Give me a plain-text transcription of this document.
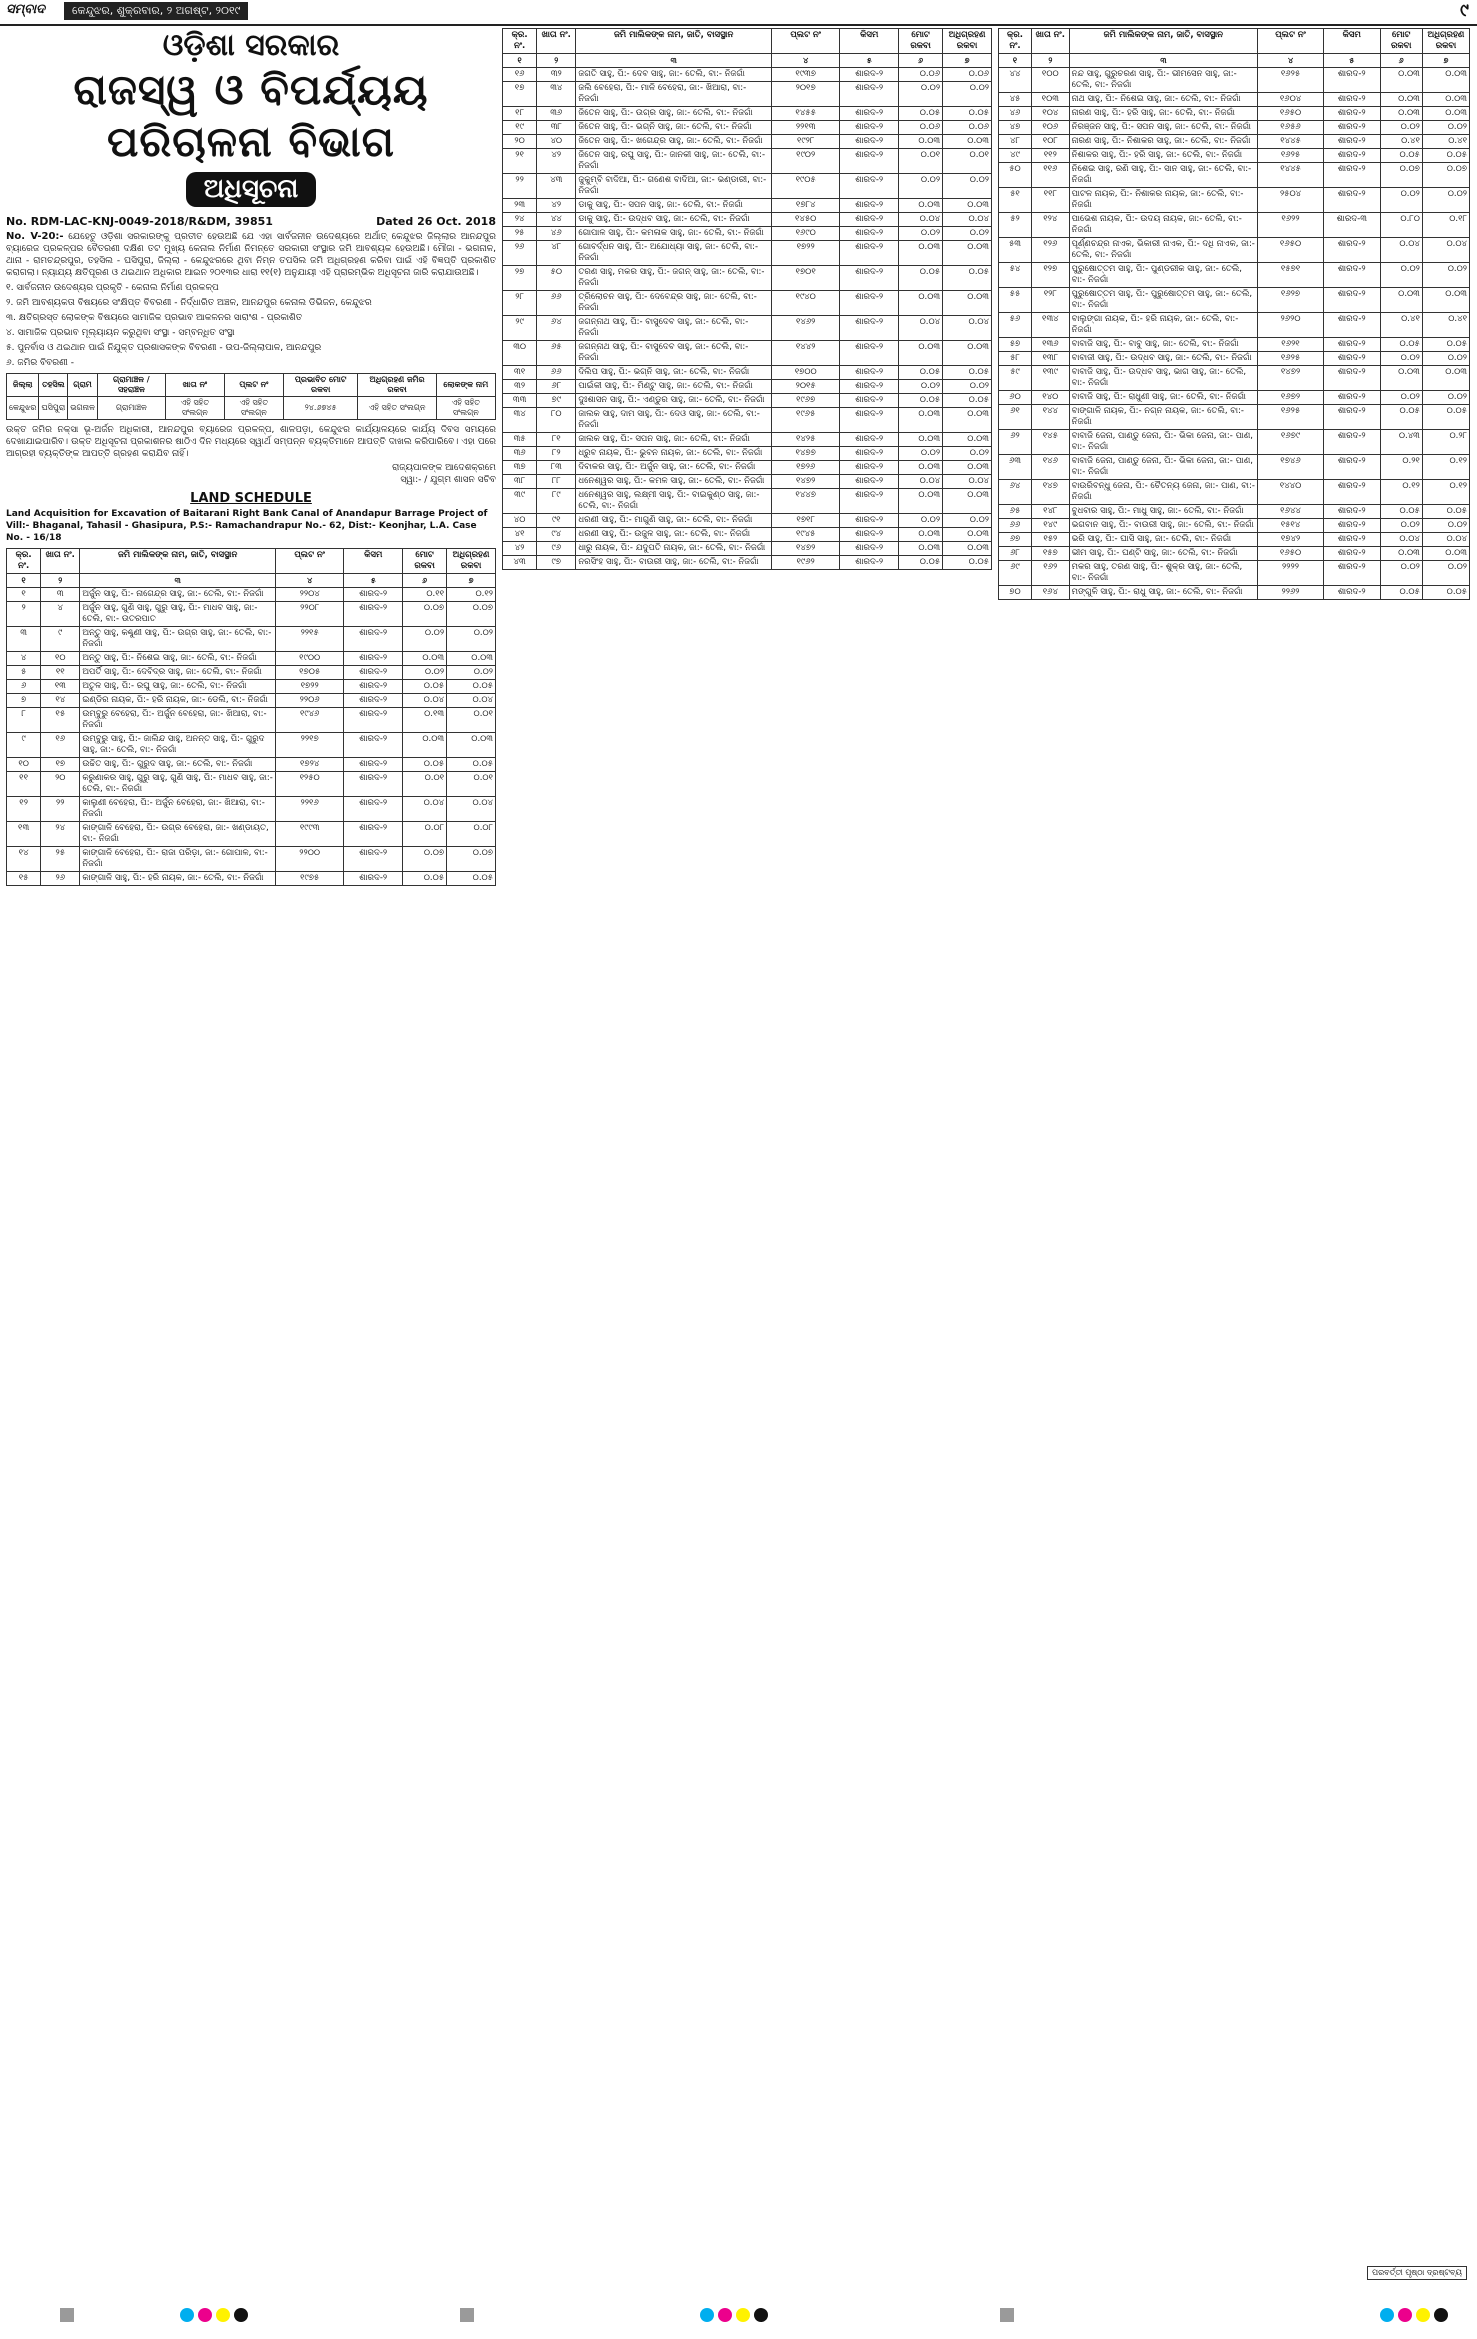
ସମ୍ବାଦ	କେନ୍ଦୁଝର, ଶୁକ୍ରବାର, ୨ ଅଗଷ୍ଟ, ୨୦୧୯	୯
ଓଡ଼ିଶା ସରକାର
ରାଜସ୍ୱ ଓ ବିପର୍ଯ୍ୟୟ ପରିଚାଳନା ବିଭାଗ
ଅଧିସୂଚନା
No. RDM-LAC-KNJ-0049-2018/R&DM, 39851	Dated 26 Oct. 2018

No. V-20:- ଯେହେତୁ ଓଡ଼ିଶା ସରକାରଙ୍କୁ ପ୍ରତୀତ ହେଉଅଛି ଯେ ଏହା ସାର୍ବଜନୀନ ଉଦେଶ୍ୟରେ ଅର୍ଥାତ୍ କେନ୍ଦୁଝର ଜିଲ୍ଲାର ଆନନ୍ଦପୁର ବ୍ୟାରେଜ ପ୍ରକଳ୍ପର ବୈତରଣୀ ଦକ୍ଷିଣ ତଟ ମୁଖ୍ୟ କେନାଲ ନିର୍ମାଣ ନିମନ୍ତେ ସରକାରୀ ସଂସ୍ଥାର ଜମି ଆବଶ୍ୟକ ହେଉଅଛି। ମୌଜା - ଭଗନାଳ, ଥାନା - ରାମଚନ୍ଦ୍ରପୁର, ତହସିଲ - ଘସିପୁରା, ଜିଲ୍ଲା - କେନ୍ଦୁଝରରେ ଥିବା ନିମ୍ନ ତପସିଲ ଜମି ଅଧିଗ୍ରହଣ କରିବା ପାଇଁ ଏହି ବିଜ୍ଞପ୍ତି ପ୍ରକାଶିତ କରାଗଲା। ନ୍ୟାଯ୍ୟ କ୍ଷତିପୂରଣ ଓ ଥଇଥାନ ଅଧିକାର ଆଇନ ୨୦୧୩ର ଧାରା ୧୧(୧) ଅନୁଯାୟୀ ଏହି ପ୍ରାରମ୍ଭିକ ଅଧିସୂଚନା ଜାରି କରାଯାଉଅଛି।

୧. ସାର୍ବଜନୀନ ଉଦେଶ୍ୟର ପ୍ରକୃତି - କେନାଲ ନିର୍ମାଣ ପ୍ରକଳ୍ପ
୨. ଜମି ଆବଶ୍ୟକତା ବିଷୟରେ ସଂକ୍ଷିପ୍ତ ବିବରଣୀ - ନିର୍ଦ୍ଧାରିତ ଅଞ୍ଚଳ, ଆନନ୍ଦପୁର କେନାଲ ଡିଭିଜନ, କେନ୍ଦୁଝର
୩. କ୍ଷତିଗ୍ରସ୍ତ ଲୋକଙ୍କ ବିଷୟରେ ସାମାଜିକ ପ୍ରଭାବ ଆକଳନର ସାରାଂଶ - ପ୍ରକାଶିତ
୪. ସାମାଜିକ ପ୍ରଭାବ ମୂଲ୍ୟାୟନ କରୁଥିବା ସଂସ୍ଥା - ସମ୍ବନ୍ଧିତ ସଂସ୍ଥା
୫. ପୁନର୍ବାସ ଓ ଥଇଥାନ ପାଇଁ ନିଯୁକ୍ତ ପ୍ରଶାସକଙ୍କ ବିବରଣୀ - ଉପ-ଜିଲ୍ଲାପାଳ, ଆନନ୍ଦପୁର
୬. ଜମିର ବିବରଣୀ -
ଜିଲ୍ଲା	ତହସିଲ	ଗ୍ରାମ	ଗ୍ରାମାଞ୍ଚଳ / ସହରାଞ୍ଚଳ	ଖାତା ନଂ	ପ୍ଲଟ ନଂ	ପ୍ରଭାବିତ ମୋଟ ରକବା	ଅଧିଗ୍ରହଣ ଜମିର ରକବା	ଲୋକଙ୍କ ନାମ
କେନ୍ଦୁଝର	ଘସିପୁରା	ଭଗନାଳ	ଗ୍ରାମାଞ୍ଚଳ	ଏହି ସହିତ ସଂଲଗ୍ନ	ଏହି ସହିତ ସଂଲଗ୍ନ	୨୪.୬୭୪୫	ଏହି ସହିତ ସଂଲଗ୍ନ	ଏହି ସହିତ ସଂଲଗ୍ନ

ଉକ୍ତ ଜମିର ନକ୍ସା ଭୂ-ଅର୍ଜନ ଅଧିକାରୀ, ଆନନ୍ଦପୁର ବ୍ୟାରେଜ ପ୍ରକଳ୍ପ, ଶାଳପଡ଼ା, କେନ୍ଦୁଝର କାର୍ଯ୍ୟାଳୟରେ କାର୍ଯ୍ୟ ଦିବସ ସମୟରେ ଦେଖାଯାଇପାରିବ। ଉକ୍ତ ଅଧିସୂଚନା ପ୍ରକାଶନର ଷାଠିଏ ଦିନ ମଧ୍ୟରେ ସ୍ୱାର୍ଥ ସମ୍ପନ୍ନ ବ୍ୟକ୍ତିମାନେ ଆପତ୍ତି ଦାଖଲ କରିପାରିବେ। ଏହା ପରେ ଆଗ୍ରହୀ ବ୍ୟକ୍ତିଙ୍କ ଆପତ୍ତି ଗ୍ରହଣ କରାଯିବ ନାହିଁ।

ରାଜ୍ୟପାଳଙ୍କ ଆଦେଶକ୍ରମେ
ସ୍ୱା:- / ଯୁଗ୍ମ ଶାସନ ସଚିବ
LAND SCHEDULE
Land Acquisition for Excavation of Baitarani Right Bank Canal of Anandapur Barrage Project of Vill:- Bhaganal, Tahasil - Ghasipura, P.S:- Ramachandrapur No.- 62, Dist:- Keonjhar, L.A. Case No. - 16/18
କ୍ର. ନଂ.	ଖାତା ନଂ.	ଜମି ମାଲିକଙ୍କ ନାମ, ଜାତି, ବାସସ୍ଥାନ	ପ୍ଲଟ ନଂ	କିସମ	ମୋଟ ରକବା	ଅଧିଗ୍ରହଣ ରକବା
୧	୨	୩	୪	୫	୬	୭
୧	୩	ଅର୍ଜୁନ ସାହୁ, ପି:- ନାଗେନ୍ଦ୍ର ସାହୁ, ଜା:- ତେଲି, ବା:- ନିଜଗାଁ	୨୨୦୪	ଶାରଦ-୨	୦.୧୧	୦.୧୨
୨	୪	ଅର୍ଜୁନ ସାହୁ, ଗୁଣି ସାହୁ, ଗୁରୁ ସାହୁ, ପି:- ମାଧବ ସାହୁ, ଜା:- ତେଲି, ବା:- ଉତରପାତ	୨୨୦୮	ଶାରଦ-୨	୦.୦୭	୦.୦୭
୩	୯	ଅନ୍ତୁ ସାହୁ, କଣ୍ଢୁଣୀ ସାହୁ, ପି:- ଉଗ୍ର ସାହୁ, ଜା:- ତେଲି, ବା:- ନିଜଗାଁ	୨୨୧୫	ଶାରଦ-୨	୦.୦୨	୦.୦୨
୪	୧୦	ଅନ୍ତୁ ସାହୁ, ପି:- ନିଶେଇ ସାହୁ, ଜା:- ତେଲି, ବା:- ନିଜଗାଁ	୧୯୦୦	ଶାରଦ-୨	୦.୦୩	୦.୦୩
୫	୧୧	ଅପର୍ତି ସାହୁ, ପି:- ଦେବିଦ୍ର ସାହୁ, ଜା:- ତେଲି, ବା:- ନିଜଗାଁ	୧୭୦୫	ଶାରଦ-୨	୦.୦୨	୦.୦୨
୬	୧୩	ଅତୁଳ ସାହୁ, ପି:- ରଘୁ ସାହୁ, ଜା:- ତେଲି, ବା:- ନିଜଗାଁ	୧୭୨୨	ଶାରଦ-୨	୦.୦୫	୦.୦୫
୭	୧୪	ଇଣ୍ଡିର ନାୟକ, ପି:- ହରି ନାୟକ, ଜା:- ଡେଲି, ବା:- ନିଜଗାଁ	୨୨୦୬	ଶାରଦ-୨	୦.୦୪	୦.୦୪
୮	୧୫	ଉମ୍ବୁରୁ ବେହେରା, ପି:- ଅର୍ଜୁନ ବେହେରା, ଜା:- ଖିଆରା, ବା:- ନିଜଗାଁ	୧୯୪୬	ଶାରଦ-୨	୦.୧୩	୦.୦୧
୯	୧୬	ଉମ୍ବୁରୁ ସାହୁ, ପି:- ଜାଲିନ୍ଦ ସାହୁ, ଅନନ୍ତ ସାହୁ, ପି:- ଗୁରୁଦ ସାହୁ, ଜା:- ତେଲି, ବା:- ନିଜଗାଁ	୨୨୧୭	ଶାରଦ-୨	୦.୦୩	୦.୦୩
୧୦	୧୭	ଉଚ୍ଚିତ ସାହୁ, ପି:- ଗୁରୁଦ ସାହୁ, ଜା:- ତେଲି, ବା:- ନିଜଗାଁ	୧୭୨୪	ଶାରଦ-୨	୦.୦୫	୦.୦୫
୧୧	୨୦	କରୁଣାକର ସାହୁ, ଗୁରୁ ସାହୁ, ଗୁଣି ସାହୁ, ପି:- ମାଧବ ସାହୁ, ଜା:- ତେଲି, ବା:- ନିଜଗାଁ	୧୨୫୦	ଶାରଦ-୨	୦.୦୧	୦.୦୧
୧୨	୨୨	କାଲୁଣୀ ବେହେରା, ପି:- ଅର୍ଜୁନ ବେହେରା, ଜା:- ଖିଆରା, ବା:- ନିଜଗାଁ	୨୨୧୬	ଶାରଦ-୨	୦.୦୪	୦.୦୪
୧୩	୨୪	କାଙ୍ଗାଳି ବେହେରା, ପି:- ଉଗ୍ର ବେହେରା, ଜା:- ଖଣ୍ଡାୟତ, ବା:- ନିଜଗାଁ	୧୯୯୩	ଶାରଦ-୨	୦.୦୮	୦.୦୮
୧୪	୨୫	କାଙ୍ଗାଳି ବେହେରା, ପି:- ରାଜା ପରିଡ଼ା, ଜା:- ଗୋପାଳ, ବା:- ନିଜଗାଁ	୨୨୦୦	ଶାରଦ-୨	୦.୦୭	୦.୦୭
୧୫	୨୬	କାଙ୍ଗାଳି ସାହୁ, ପି:- ହରି ନାୟକ, ଜା:- ତେଲି, ବା:- ନିଜଗାଁ	୧୯୭୫	ଶାରଦ-୨	୦.୦୫	୦.୦୫
କ୍ର. ନଂ.	ଖାତା ନଂ.	ଜମି ମାଲିକଙ୍କ ନାମ, ଜାତି, ବାସସ୍ଥାନ	ପ୍ଲଟ ନଂ	କିସମ	ମୋଟ ରକବା	ଅଧିଗ୍ରହଣ ରକବା
୧	୨	୩	୪	୫	୬	୭
୧୬	୩୨	ଜଗତି ସାହୁ, ପି:- ଦେବ ସାହୁ, ଜା:- ତେଲି, ବା:- ନିଜଗାଁ	୧୯୩୭	ଶାରଦ-୨	୦.୦୬	୦.୦୬
୧୭	୩୪	ଜଲି ବେହେରା, ପି:- ମାଳି ବେହେରା, ଜା:- ଖିଆରା, ବା:- ନିଜଗାଁ	୨୦୧୭	ଶାରଦ-୨	୦.୦୨	୦.୦୨
୧୮	୩୬	ଜିତେନ ସାହୁ, ପି:- ଉଗ୍ର ସାହୁ, ଜା:- ତେଲି, ବା:- ନିଜଗାଁ	୧୪୫୫	ଶାରଦ-୨	୦.୦୫	୦.୦୫
୧୯	୩୮	ଜିତେନ ସାହୁ, ପି:- ଭଗ୍ନି ସାହୁ, ଜା:- ତେଲି, ବା:- ନିଜଗାଁ	୨୨୧୩	ଶାରଦ-୨	୦.୦୬	୦.୦୬
୨୦	୪୦	ଜିତେନ ସାହୁ, ପି:- ଖଗେନ୍ଦ୍ର ସାହୁ, ଜା:- ତେଲି, ବା:- ନିଜଗାଁ	୧୯୨୮	ଶାରଦ-୨	୦.୦୩	୦.୦୩
୨୧	୪୨	ଜିତେନ ସାହୁ, ରଘୁ ସାହୁ, ପି:- ଜାନକୀ ସାହୁ, ଜା:- ତେଲି, ବା:- ନିଜଗାଁ	୧୯୦୨	ଶାରଦ-୨	୦.୦୧	୦.୦୧
୨୨	୪୩	ଜୁକୁମ୍ବି ବାଦିଆ, ପି:- ଗଣେଶ ବାଦିଆ, ଜା:- ଭଣ୍ଡାରୀ, ବା:- ନିଜଗାଁ	୧୯୦୫	ଶାରଦ-୨	୦.୦୨	୦.୦୨
୨୩	୪୨	ଡାକୁ ସାହୁ, ପି:- ସପନ ସାହୁ, ଜା:- ତେଲି, ବା:- ନିଜଗାଁ	୧୭୮୪	ଶାରଦ-୨	୦.୦୩	୦.୦୩
୨୪	୪୪	ଡାକୁ ସାହୁ, ପି:- ଉଦ୍ଧବ ସାହୁ, ଜା:- ତେଲି, ବା:- ନିଜଗାଁ	୧୪୫୦	ଶାରଦ-୨	୦.୦୪	୦.୦୪
୨୫	୪୬	ଗୋପାଳ ସାହୁ, ପି:- କମଳାକ ସାହୁ, ଜା:- ତେଲି, ବା:- ନିଜଗାଁ	୧୬୯୦	ଶାରଦ-୨	୦.୦୨	୦.୦୨
୨୬	୪୮	ଗୋବର୍ଦ୍ଧନ ସାହୁ, ପି:- ଅଯୋଧ୍ୟା ସାହୁ, ଜା:- ତେଲି, ବା:- ନିଜଗାଁ	୧୭୨୨	ଶାରଦ-୨	୦.୦୩	୦.୦୩
୨୭	୫୦	ତରଣ ସାହୁ, ମକର ସାହୁ, ପି:- ଜଗନ୍ ସାହୁ, ଜା:- ତେଲି, ବା:- ନିଜଗାଁ	୧୭୦୧	ଶାରଦ-୨	୦.୦୫	୦.୦୫
୨୮	୬୬	ତ୍ରିଲୋଚନ ସାହୁ, ପି:- ଦେବେନ୍ଦ୍ର ସାହୁ, ଜା:- ତେଲି, ବା:- ନିଜଗାଁ	୧୯୪୦	ଶାରଦ-୨	୦.୦୩	୦.୦୩
୨୯	୬୪	ଜଗନ୍ନାଥ ସାହୁ, ପି:- ବାସୁଦେବ ସାହୁ, ଜା:- ତେଲି, ବା:- ନିଜଗାଁ	୧୪୬୨	ଶାରଦ-୨	୦.୦୪	୦.୦୪
୩୦	୬୫	ଜଗନ୍ନାଥ ସାହୁ, ପି:- ବାସୁଦେବ ସାହୁ, ଜା:- ତେଲି, ବା:- ନିଜଗାଁ	୧୪୪୨	ଶାରଦ-୨	୦.୦୩	୦.୦୩
୩୧	୬୬	ଦିଲିପ ସାହୁ, ପି:- ଭଗ୍ନି ସାହୁ, ଜା:- ତେଲି, ବା:- ନିଜଗାଁ	୧୭୦୦	ଶାରଦ-୨	୦.୦୫	୦.୦୫
୩୨	୬୮	ପାଇଁକୀ ସାହୁ, ପି:- ମିଣ୍ଟୁ ସାହୁ, ଜା:- ତେଲି, ବା:- ନିଜଗାଁ	୨୦୧୫	ଶାରଦ-୨	୦.୦୨	୦.୦୨
୩୩	୭୯	ଦୁଃଶାସନ ସାହୁ, ପି:- ଏଣ୍ଡୁର ସାହୁ, ଜା:- ତେଲି, ବା:- ନିଜଗାଁ	୧୯୬୭	ଶାରଦ-୨	୦.୦୫	୦.୦୫
୩୪	୮୦	ଜାଲକ ସାହୁ, ଦାମ ସାହୁ, ପି:- ଦେଓ ସାହୁ, ଜା:- ତେଲି, ବା:- ନିଜଗାଁ	୧୯୬୫	ଶାରଦ-୨	୦.୦୩	୦.୦୩
୩୫	୮୧	ଜାଲକ ସାହୁ, ପି:- ସପନ ସାହୁ, ଜା:- ତେଲି, ବା:- ନିଜଗାଁ	୧୪୨୫	ଶାରଦ-୨	୦.୦୩	୦.୦୩
୩୬	୮୨	ଧ୍ରୁବ ନାୟକ, ପି:- ଭୁବନ ନାୟକ, ଜା:- ତେଲି, ବା:- ନିଜଗାଁ	୧୪୭୭	ଶାରଦ-୨	୦.୦୨	୦.୦୨
୩୭	୮୩	ଦିବାକର ସାହୁ, ପି:- ଅର୍ଜୁନ ସାହୁ, ଜା:- ତେଲି, ବା:- ନିଜଗାଁ	୧୭୨୬	ଶାରଦ-୨	୦.୦୩	୦.୦୩
୩୮	୮୮	ଧନେଶ୍ୱର ସାହୁ, ପି:- କମଳ ସାହୁ, ଜା:- ତେଲି, ବା:- ନିଜଗାଁ	୧୪୭୨	ଶାରଦ-୨	୦.୦୪	୦.୦୪
୩୯	୮୯	ଧନେଶ୍ୱର ସାହୁ, ଲକ୍ଷ୍ମୀ ସାହୁ, ପି:- ବାଇକୁଣ୍ଠ ସାହୁ, ଜା:- ତେଲି, ବା:- ନିଜଗାଁ	୧୪୪୭	ଶାରଦ-୨	୦.୦୩	୦.୦୩
୪୦	୯୧	ଧରଣୀ ସାହୁ, ପି:- ମାଗୁଣି ସାହୁ, ଜା:- ତେଲି, ବା:- ନିଜଗାଁ	୧୭୧୮	ଶାରଦ-୨	୦.୦୨	୦.୦୨
୪୧	୯୪	ଧରଣୀ ସାହୁ, ପି:- ଉଜୁଳ ସାହୁ, ଜା:- ତେଲି, ବା:- ନିଜଗାଁ	୧୯୪୫	ଶାରଦ-୨	୦.୦୩	୦.୦୩
୪୨	୯୬	ଧାରୁ ନାୟକ, ପି:- ଯଦୁପତି ନାୟକ, ଜା:- ତେଲି, ବା:- ନିଜଗାଁ	୧୪୭୨	ଶାରଦ-୨	୦.୦୩	୦.୦୩
୪୩	୯୭	ନରସିଂହ ସାହୁ, ପି:- ବାଉରୀ ସାହୁ, ଜା:- ତେଲି, ବା:- ନିଜଗାଁ	୧୯୬୨	ଶାରଦ-୨	୦.୦୫	୦.୦୫
କ୍ର. ନଂ.	ଖାତା ନଂ.	ଜମି ମାଲିକଙ୍କ ନାମ, ଜାତି, ବାସସ୍ଥାନ	ପ୍ଲଟ ନଂ	କିସମ	ମୋଟ ରକବା	ଅଧିଗ୍ରହଣ ରକବା
୧	୨	୩	୪	୫	୬	୭
୪୪	୧୦୦	ନନ୍ଦ ସାହୁ, ଗୁରୁଚରଣ ସାହୁ, ପି:- ଭୀମସେନ ସାହୁ, ଜା:- ତେଲି, ବା:- ନିଜଗାଁ	୧୬୨୫	ଶାରଦ-୨	୦.୦୩	୦.୦୩
୪୫	୧୦୩	ନାଥ ସାହୁ, ପି:- ନିଶେଇ ସାହୁ, ଜା:- ତେଲି, ବା:- ନିଜଗାଁ	୧୬୦୪	ଶାରଦ-୨	୦.୦୩	୦.୦୩
୪୬	୧୦୪	ନାରଣ ସାହୁ, ପି:- ହରି ସାହୁ, ଜା:- ତେଲି, ବା:- ନିଜଗାଁ	୧୬୫୦	ଶାରଦ-୨	୦.୦୩	୦.୦୩
୪୭	୧୦୬	ନିରଞ୍ଜନ ସାହୁ, ପି:- ସପନ ସାହୁ, ଜା:- ତେଲି, ବା:- ନିଜଗାଁ	୧୬୫୬	ଶାରଦ-୨	୦.୦୨	୦.୦୨
୪୮	୧୦୮	ନାରଣ ସାହୁ, ପି:- ନିଶାକର ସାହୁ, ଜା:- ତେଲି, ବା:- ନିଜଗାଁ	୧୪୪୫	ଶାରଦ-୨	୦.୪୧	୦.୪୧
୪୯	୧୧୨	ନିଶାକର ସାହୁ, ପି:- ହରି ସାହୁ, ଜା:- ତେଲି, ବା:- ନିଜଗାଁ	୧୬୨୫	ଶାରଦ-୨	୦.୦୫	୦.୦୫
୫୦	୧୧୬	ନିଶେଇ ସାହୁ, ରଣି ସାହୁ, ପି:- ସାନ ସାହୁ, ଜା:- ତେଲି, ବା:- ନିଜଗାଁ	୧୪୪୫	ଶାରଦ-୨	୦.୦୭	୦.୦୭
୫୧	୧୧୮	ପାଟଳ ନାୟକ, ପି:- ନିଶାକର ନାୟକ, ଜା:- ତେଲି, ବା:- ନିଜଗାଁ	୨୫୦୪	ଶାରଦ-୨	୦.୦୨	୦.୦୨
୫୨	୧୨୪	ପାଭେଶ ନାୟକ, ପି:- ଉଦୟ ନାୟକ, ଜା:- ତେଲି, ବା:- ନିଜଗାଁ	୧୬୨୨	ଶାରଦ-୩	୦.୮୦	୦.୧୮
୫୩	୧୨୬	ପୂର୍ଣ୍ଣଚନ୍ଦ୍ର ନାଏକ, ଭିକାରୀ ନାଏକ, ପି:- ଦଧି ନାଏକ, ଜା:- ତେଲି, ବା:- ନିଜଗାଁ	୧୬୫୦	ଶାରଦ-୨	୦.୦୪	୦.୦୪
୫୪	୧୨୭	ପୁରୁଷୋତ୍ତମ ସାହୁ, ପି:- ପୁଣ୍ଡରୀକ ସାହୁ, ଜା:- ତେଲି, ବା:- ନିଜଗାଁ	୧୫୭୧	ଶାରଦ-୨	୦.୦୨	୦.୦୨
୫୫	୧୨୮	ପୁରୁଷୋତ୍ତମ ସାହୁ, ପି:- ପୁରୁଷୋତ୍ତମ ସାହୁ, ଜା:- ତେଲି, ବା:- ନିଜଗାଁ	୧୬୨୭	ଶାରଦ-୨	୦.୦୩	୦.୦୩
୫୬	୧୩୪	ବାଲୁଙ୍ଗା ନାୟକ, ପି:- ହରି ନାୟକ, ଜା:- ତେଲି, ବା:- ନିଜଗାଁ	୨୬୨୦	ଶାରଦ-୨	୦.୪୧	୦.୪୧
୫୭	୧୩୬	ବାବାଜି ସାହୁ, ପି:- ବାବୁ ସାହୁ, ଜା:- ତେଲି, ବା:- ନିଜଗାଁ	୧୬୨୧	ଶାରଦ-୨	୦.୦୫	୦.୦୫
୫୮	୧୩୮	ବାବାଜୀ ସାହୁ, ପି:- ଉଦ୍ଧବ ସାହୁ, ଜା:- ତେଲି, ବା:- ନିଜଗାଁ	୧୬୨୫	ଶାରଦ-୨	୦.୦୨	୦.୦୨
୫୯	୧୩୯	ବାବାଜି ସାହୁ, ପି:- ଉଦ୍ଧବ ସାହୁ, ଭାଗ ସାହୁ, ଜା:- ତେଲି, ବା:- ନିଜଗାଁ	୧୪୭୨	ଶାରଦ-୨	୦.୦୩	୦.୦୩
୬୦	୧୪୦	ବାବାଜି ସାହୁ, ପି:- ରାଧୁଣୀ ସାହୁ, ଜା:- ତେଲି, ବା:- ନିଜଗାଁ	୧୬୭୨	ଶାରଦ-୨	୦.୦୨	୦.୦୨
୬୧	୧୪୪	ବାଙ୍ଗାଳି ନାୟକ, ପି:- ନଗ୍ନ ନାୟକ, ଜା:- ତେଲି, ବା:- ନିଜଗାଁ	୧୬୨୫	ଶାରଦ-୨	୦.୦୫	୦.୦୫
୬୨	୧୪୫	ବାବାଜି ଜେନା, ପାଣ୍ଡୁ ଜେନା, ପି:- ଭିକା ଜେନା, ଜା:- ପାଣ, ବା:- ନିଜଗାଁ	୧୬୭୯	ଶାରଦ-୨	୦.୪୩	୦.୨୮
୬୩	୧୪୬	ବାବାଜି ଜେନା, ପାଣ୍ଡୁ ଜେନା, ପି:- ଭିକା ଜେନା, ଜା:- ପାଣ, ବା:- ନିଜଗାଁ	୧୭୪୬	ଶାରଦ-୨	୦.୨୧	୦.୧୨
୬୪	୧୪୭	ବାଉରିବନ୍ଧୁ ଜେନା, ପି:- ଚୈତନ୍ୟ ଜେନା, ଜା:- ପାଣ, ବା:- ନିଜଗାଁ	୧୪୪୦	ଶାରଦ-୨	୦.୧୨	୦.୧୨
୬୫	୧୪୮	ବୁଧବାର ସାହୁ, ପି:- ମାଧୁ ସାହୁ, ଜା:- ତେଲି, ବା:- ନିଜଗାଁ	୧୬୪୪	ଶାରଦ-୨	୦.୦୫	୦.୦୫
୬୬	୧୪୯	ଭଗବାନ ସାହୁ, ପି:- ବାଉରୀ ସାହୁ, ଜା:- ତେଲି, ବା:- ନିଜଗାଁ	୧୫୧୪	ଶାରଦ-୨	୦.୦୨	୦.୦୨
୬୭	୧୫୨	ଭରି ସାହୁ, ପି:- ଘାସି ସାହୁ, ଜା:- ତେଲି, ବା:- ନିଜଗାଁ	୧୭୪୨	ଶାରଦ-୨	୦.୦୪	୦.୦୪
୬୮	୧୫୭	ଭୀମ ସାହୁ, ପି:- ଘଣ୍ଟି ସାହୁ, ଜା:- ତେଲି, ବା:- ନିଜଗାଁ	୧୬୫୦	ଶାରଦ-୨	୦.୦୩	୦.୦୩
୬୯	୧୬୨	ମକର ସାହୁ, ତରଣ ସାହୁ, ପି:- ଶୁକ୍ର ସାହୁ, ଜା:- ତେଲି, ବା:- ନିଜଗାଁ	୨୨୨୨	ଶାରଦ-୨	୦.୦୨	୦.୦୨
୭୦	୧୬୪	ମଙ୍ଗୁଳି ସାହୁ, ପି:- ରାଧୁ ସାହୁ, ଜା:- ତେଲି, ବା:- ନିଜଗାଁ	୨୨୬୨	ଶାରଦ-୨	୦.୦୫	୦.୦୫
ପରବର୍ତ୍ତୀ ପୃଷ୍ଠା ଦ୍ରଷ୍ଟବ୍ୟ
